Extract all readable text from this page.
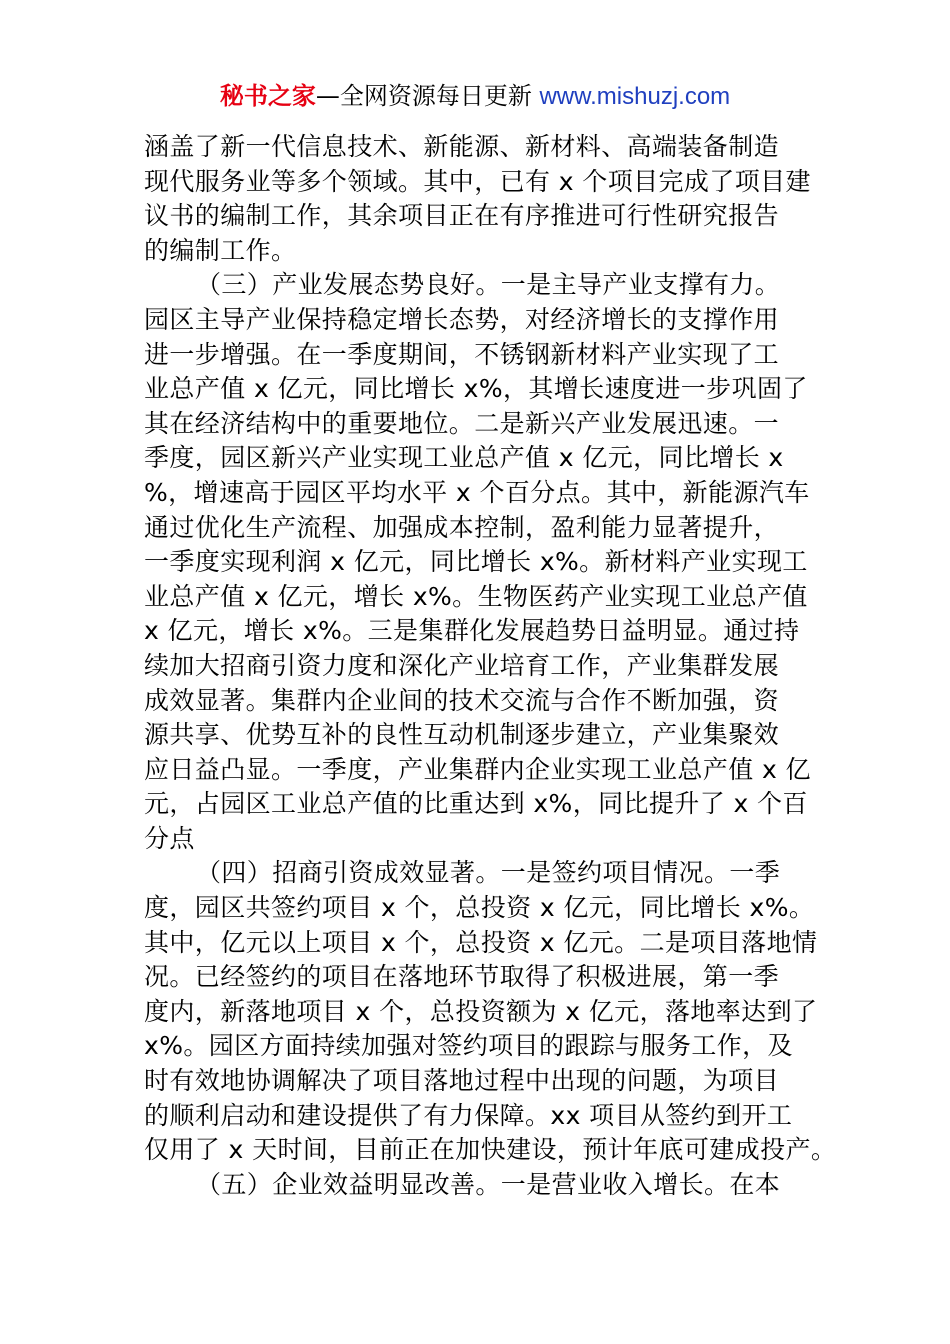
秘书之家—全网资源每日更新 www.mishuzj.com
涵盖了新一代信息技术、新能源、新材料、高端装备制造
现代服务业等多个领域。其中，已有 x 个项目完成了项目建
议书的编制工作，其余项目正在有序推进可行性研究报告
的编制工作。
（三）产业发展态势良好。一是主导产业支撑有力。
园区主导产业保持稳定增长态势，对经济增长的支撑作用
进一步增强。在一季度期间，不锈钢新材料产业实现了工
业总产值 x 亿元，同比增长 x%，其增长速度进一步巩固了
其在经济结构中的重要地位。二是新兴产业发展迅速。一
季度，园区新兴产业实现工业总产值 x 亿元，同比增长 x
%，增速高于园区平均水平 x 个百分点。其中，新能源汽车
通过优化生产流程、加强成本控制，盈利能力显著提升，
一季度实现利润 x 亿元，同比增长 x%。新材料产业实现工
业总产值 x 亿元，增长 x%。生物医药产业实现工业总产值
x 亿元，增长 x%。三是集群化发展趋势日益明显。通过持
续加大招商引资力度和深化产业培育工作，产业集群发展
成效显著。集群内企业间的技术交流与合作不断加强，资
源共享、优势互补的良性互动机制逐步建立，产业集聚效
应日益凸显。一季度，产业集群内企业实现工业总产值 x 亿
元，占园区工业总产值的比重达到 x%，同比提升了 x 个百
分点
（四）招商引资成效显著。一是签约项目情况。一季
度，园区共签约项目 x 个，总投资 x 亿元，同比增长 x%。
其中，亿元以上项目 x 个，总投资 x 亿元。二是项目落地情
况。已经签约的项目在落地环节取得了积极进展，第一季
度内，新落地项目 x 个，总投资额为 x 亿元，落地率达到了
x%。园区方面持续加强对签约项目的跟踪与服务工作，及
时有效地协调解决了项目落地过程中出现的问题，为项目
的顺利启动和建设提供了有力保障。xx 项目从签约到开工
仅用了 x 天时间，目前正在加快建设，预计年底可建成投产。
（五）企业效益明显改善。一是营业收入增长。在本
